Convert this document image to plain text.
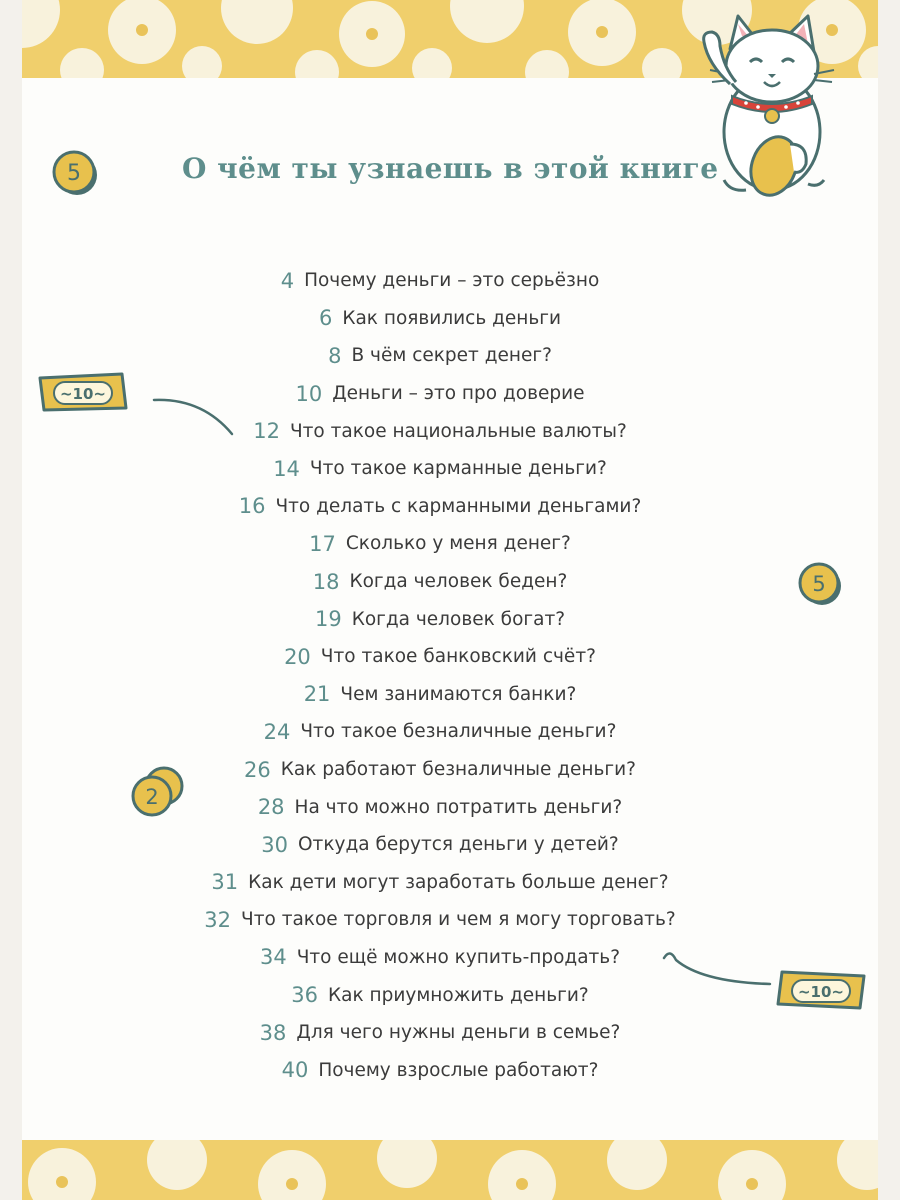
О чём ты узнаешь в этой книге
5
~10~
5
2
~10~
4 Почему деньги – это серьёзно
6 Как появились деньги
8 В чём секрет денег?
10 Деньги – это про доверие
12 Что такое национальные валюты?
14 Что такое карманные деньги?
16 Что делать с карманными деньгами?
17 Сколько у меня денег?
18 Когда человек беден?
19 Когда человек богат?
20 Что такое банковский счёт?
21 Чем занимаются банки?
24 Что такое безналичные деньги?
26 Как работают безналичные деньги?
28 На что можно потратить деньги?
30 Откуда берутся деньги у детей?
31 Как дети могут заработать больше денег?
32 Что такое торговля и чем я могу торговать?
34 Что ещё можно купить-продать?
36 Как приумножить деньги?
38 Для чего нужны деньги в семье?
40 Почему взрослые работают?
